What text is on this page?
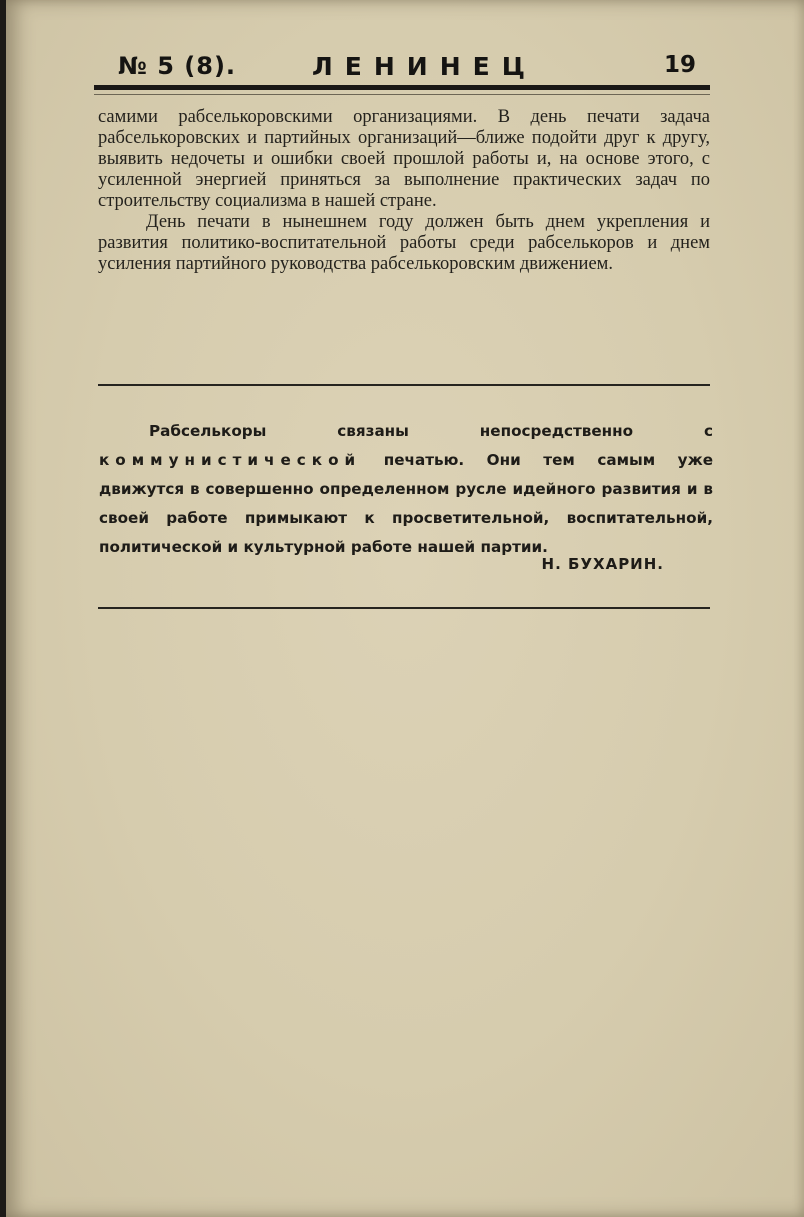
№ 5 (8).	ЛЕНИНЕЦ	19

самими рабселькоровскими организациями. В день печати задача рабселькоровских и партийных организаций—ближе подойти друг к другу, выявить недочеты и ошибки своей прошлой работы и, на основе этого, с усиленной энергией приняться за выполнение практических задач по строительству социализма в нашей стране.

День печати в нынешнем году должен быть днем укрепления и развития политико-воспитательной работы среди рабселькоров и днем усиления партийного руководства рабселькоровским движением.

Рабселькоры связаны непосредственно с коммунистической печатью. Они тем самым уже движутся в совершенно определенном русле идейного развития и в своей работе примыкают к просветительной, воспитательной, политической и культурной работе нашей партии.

Н. БУХАРИН.
